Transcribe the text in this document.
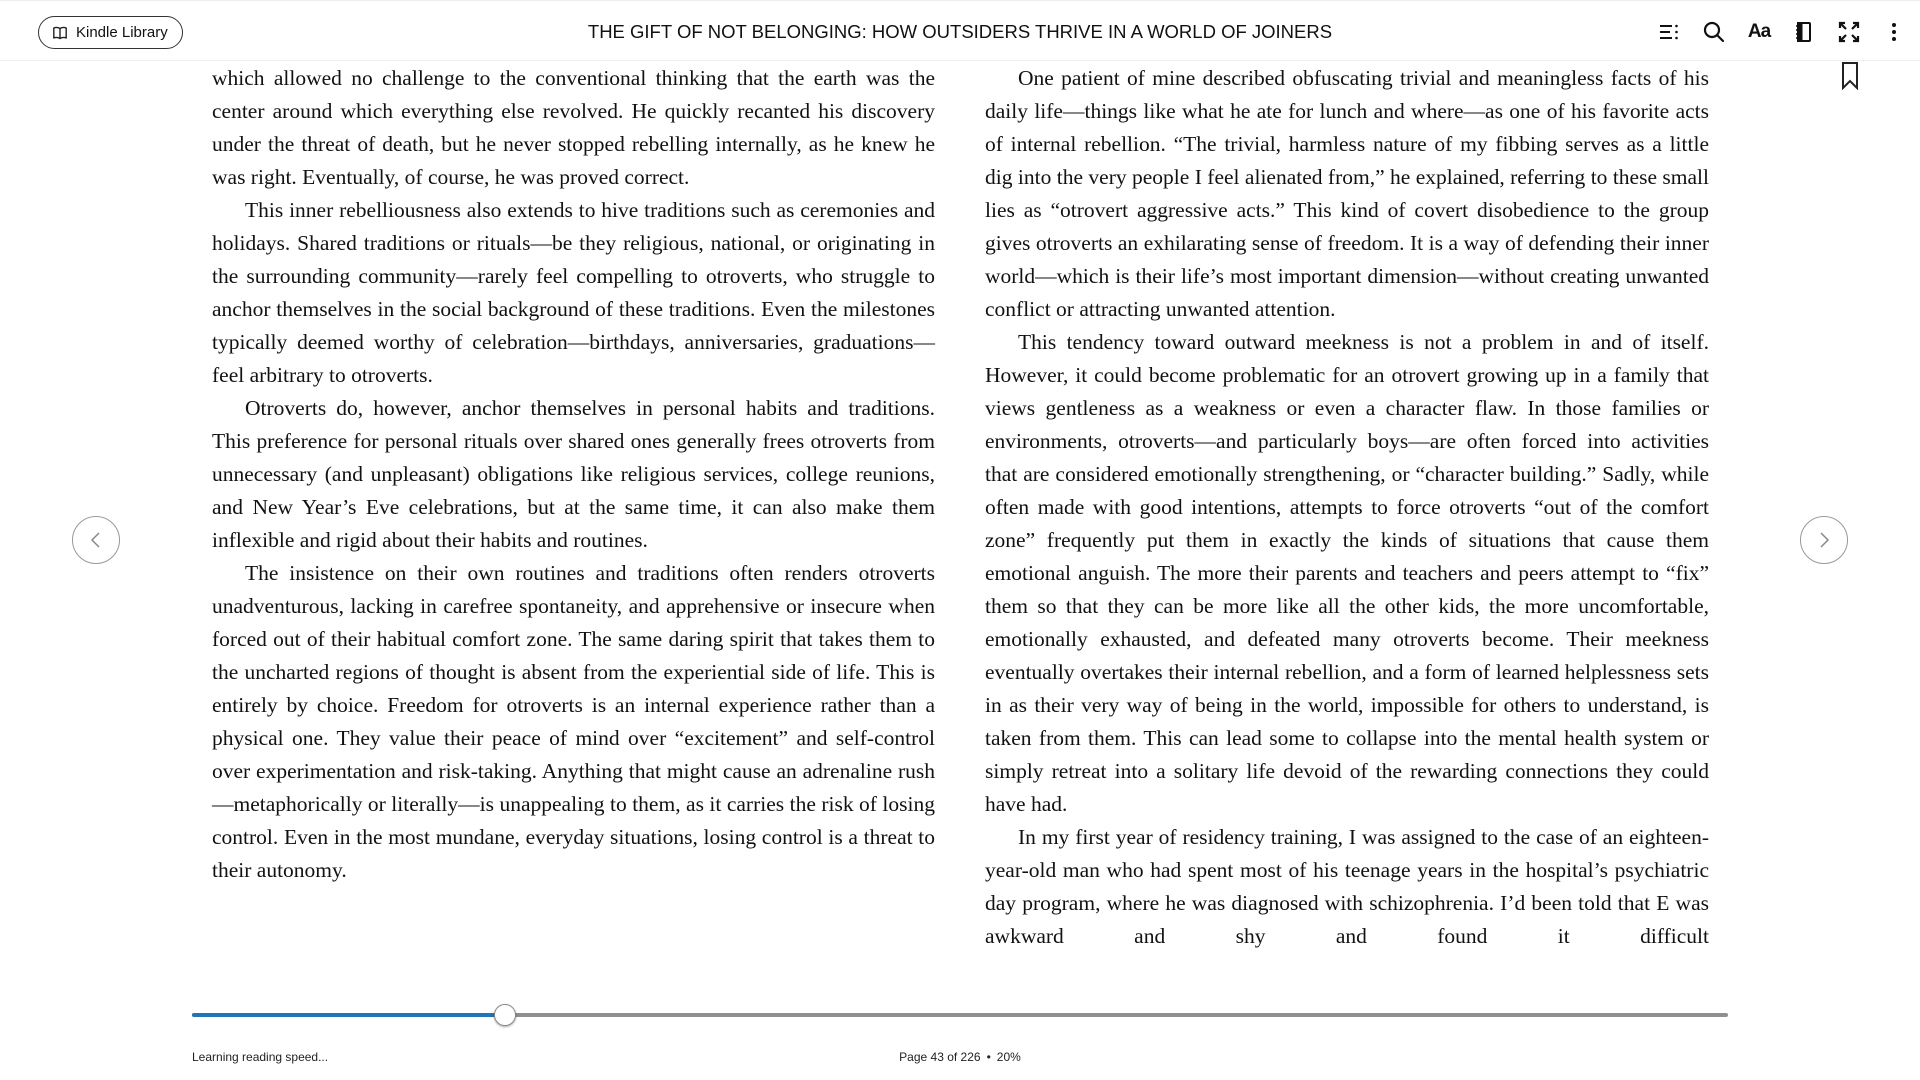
Kindle Library	THE GIFT OF NOT BELONGING: HOW OUTSIDERS THRIVE IN A WORLD OF JOINERS	Aa

which allowed no challenge to the conventional thinking that the earth was the center around which everything else revolved. He quickly recanted his discovery under the threat of death, but he never stopped rebelling internally, as he knew he was right. Eventually, of course, he was proved correct.

This inner rebelliousness also extends to hive traditions such as ceremonies and holidays. Shared traditions or rituals—be they religious, national, or originating in the surrounding community—rarely feel compelling to otroverts, who struggle to anchor themselves in the social background of these traditions. Even the milestones typically deemed worthy of celebration—birthdays, anniversaries, graduations—feel arbitrary to otroverts.

Otroverts do, however, anchor themselves in personal habits and traditions. This preference for personal rituals over shared ones generally frees otroverts from unnecessary (and unpleasant) obligations like religious services, college reunions, and New Year’s Eve celebrations, but at the same time, it can also make them inflexible and rigid about their habits and routines.

The insistence on their own routines and traditions often renders otroverts unadventurous, lacking in carefree spontaneity, and apprehensive or insecure when forced out of their habitual comfort zone. The same daring spirit that takes them to the uncharted regions of thought is absent from the experiential side of life. This is entirely by choice. Freedom for otroverts is an internal experience rather than a physical one. They value their peace of mind over “excitement” and self-control over experimentation and risk-taking. Anything that might cause an adrenaline rush—metaphorically or literally—is unappealing to them, as it carries the risk of losing control. Even in the most mundane, everyday situations, losing control is a threat to their autonomy.

One patient of mine described obfuscating trivial and meaningless facts of his daily life—things like what he ate for lunch and where—as one of his favorite acts of internal rebellion. “The trivial, harmless nature of my fibbing serves as a little dig into the very people I feel alienated from,” he explained, referring to these small lies as “otrovert aggressive acts.” This kind of covert disobedience to the group gives otroverts an exhilarating sense of freedom. It is a way of defending their inner world—which is their life’s most important dimension—without creating unwanted conflict or attracting unwanted attention.

This tendency toward outward meekness is not a problem in and of itself. However, it could become problematic for an otrovert growing up in a family that views gentleness as a weakness or even a character flaw. In those families or environments, otroverts—and particularly boys—are often forced into activities that are considered emotionally strengthening, or “character building.” Sadly, while often made with good intentions, attempts to force otroverts “out of the comfort zone” frequently put them in exactly the kinds of situations that cause them emotional anguish. The more their parents and teachers and peers attempt to “fix” them so that they can be more like all the other kids, the more uncomfortable, emotionally exhausted, and defeated many otroverts become. Their meekness eventually overtakes their internal rebellion, and a form of learned helplessness sets in as their very way of being in the world, impossible for others to understand, is taken from them. This can lead some to collapse into the mental health system or simply retreat into a solitary life devoid of the rewarding connections they could have had.

In my first year of residency training, I was assigned to the case of an eighteen-year-old man who had spent most of his teenage years in the hospital’s psychiatric day program, where he was diagnosed with schizophrenia. I’d been told that E was awkward and shy and found it difficult

Learning reading speed...	Page 43 of 226 • 20%
